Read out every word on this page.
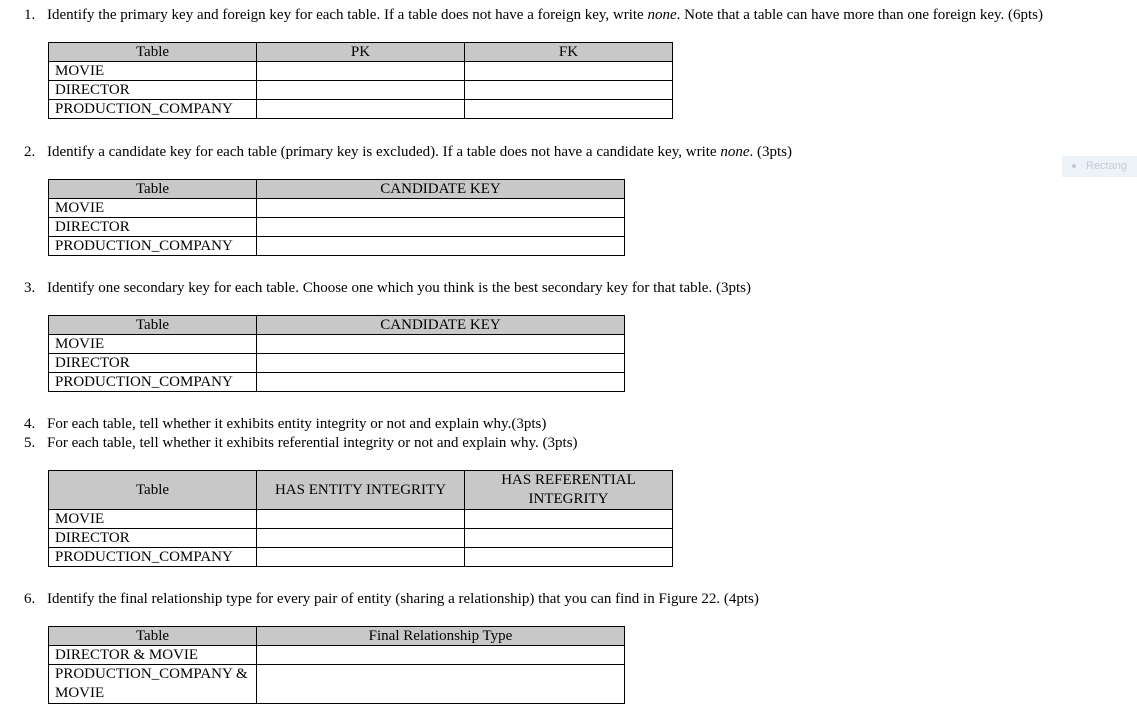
1. Identify the primary key and foreign key for each table. If a table does not have a foreign key, write none. Note that a table can have more than one foreign key. (6pts)
Table	PK	FK
MOVIE		
DIRECTOR		
PRODUCTION_COMPANY		
2. Identify a candidate key for each table (primary key is excluded). If a table does not have a candidate key, write none. (3pts)
Rectang
Table	CANDIDATE KEY
MOVIE	
DIRECTOR	
PRODUCTION_COMPANY	
3. Identify one secondary key for each table. Choose one which you think is the best secondary key for that table. (3pts)
Table	CANDIDATE KEY
MOVIE	
DIRECTOR	
PRODUCTION_COMPANY	
4. For each table, tell whether it exhibits entity integrity or not and explain why.(3pts)
5. For each table, tell whether it exhibits referential integrity or not and explain why. (3pts)
Table	HAS ENTITY INTEGRITY	HAS REFERENTIAL INTEGRITY
MOVIE		
DIRECTOR		
PRODUCTION_COMPANY		
6. Identify the final relationship type for every pair of entity (sharing a relationship) that you can find in Figure 22. (4pts)
Table	Final Relationship Type
DIRECTOR & MOVIE	
PRODUCTION_COMPANY & MOVIE	
